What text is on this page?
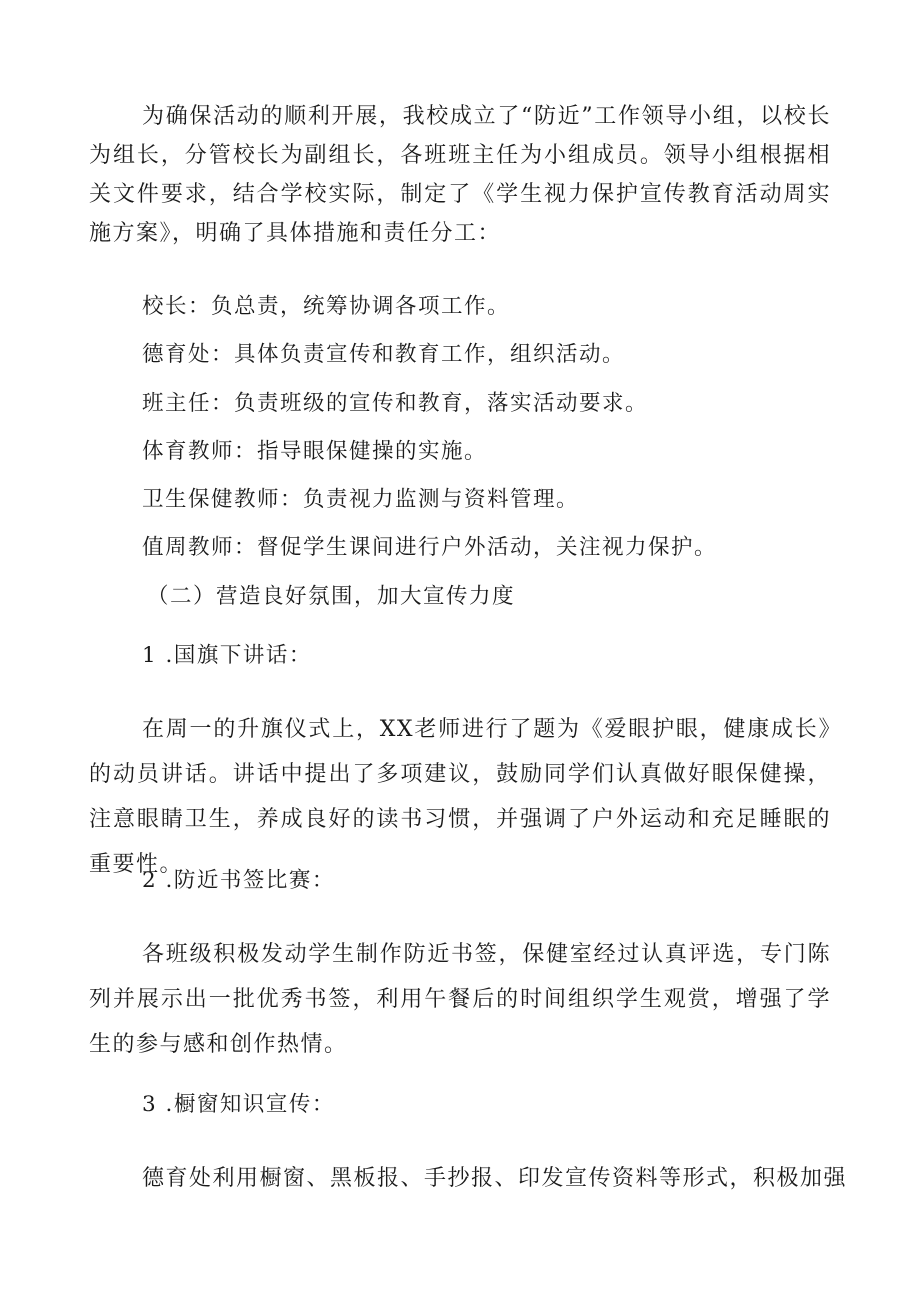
为确保活动的顺利开展，我校成立了“防近”工作领导小组，以校长为组长，分管校长为副组长，各班班主任为小组成员。领导小组根据相关文件要求，结合学校实际，制定了《学生视力保护宣传教育活动周实施方案》，明确了具体措施和责任分工：

校长：负总责，统筹协调各项工作。

德育处：具体负责宣传和教育工作，组织活动。

班主任：负责班级的宣传和教育，落实活动要求。

体育教师：指导眼保健操的实施。

卫生保健教师：负责视力监测与资料管理。

值周教师：督促学生课间进行户外活动，关注视力保护。

（二）营造良好氛围，加大宣传力度

1 .国旗下讲话：

在周一的升旗仪式上，XX老师进行了题为《爱眼护眼，健康成长》的动员讲话。讲话中提出了多项建议，鼓励同学们认真做好眼保健操，注意眼睛卫生，养成良好的读书习惯，并强调了户外运动和充足睡眠的重要性。

2 .防近书签比赛：

各班级积极发动学生制作防近书签，保健室经过认真评选，专门陈列并展示出一批优秀书签，利用午餐后的时间组织学生观赏，增强了学生的参与感和创作热情。

3 .橱窗知识宣传：

德育处利用橱窗、黑板报、手抄报、印发宣传资料等形式，积极加强
